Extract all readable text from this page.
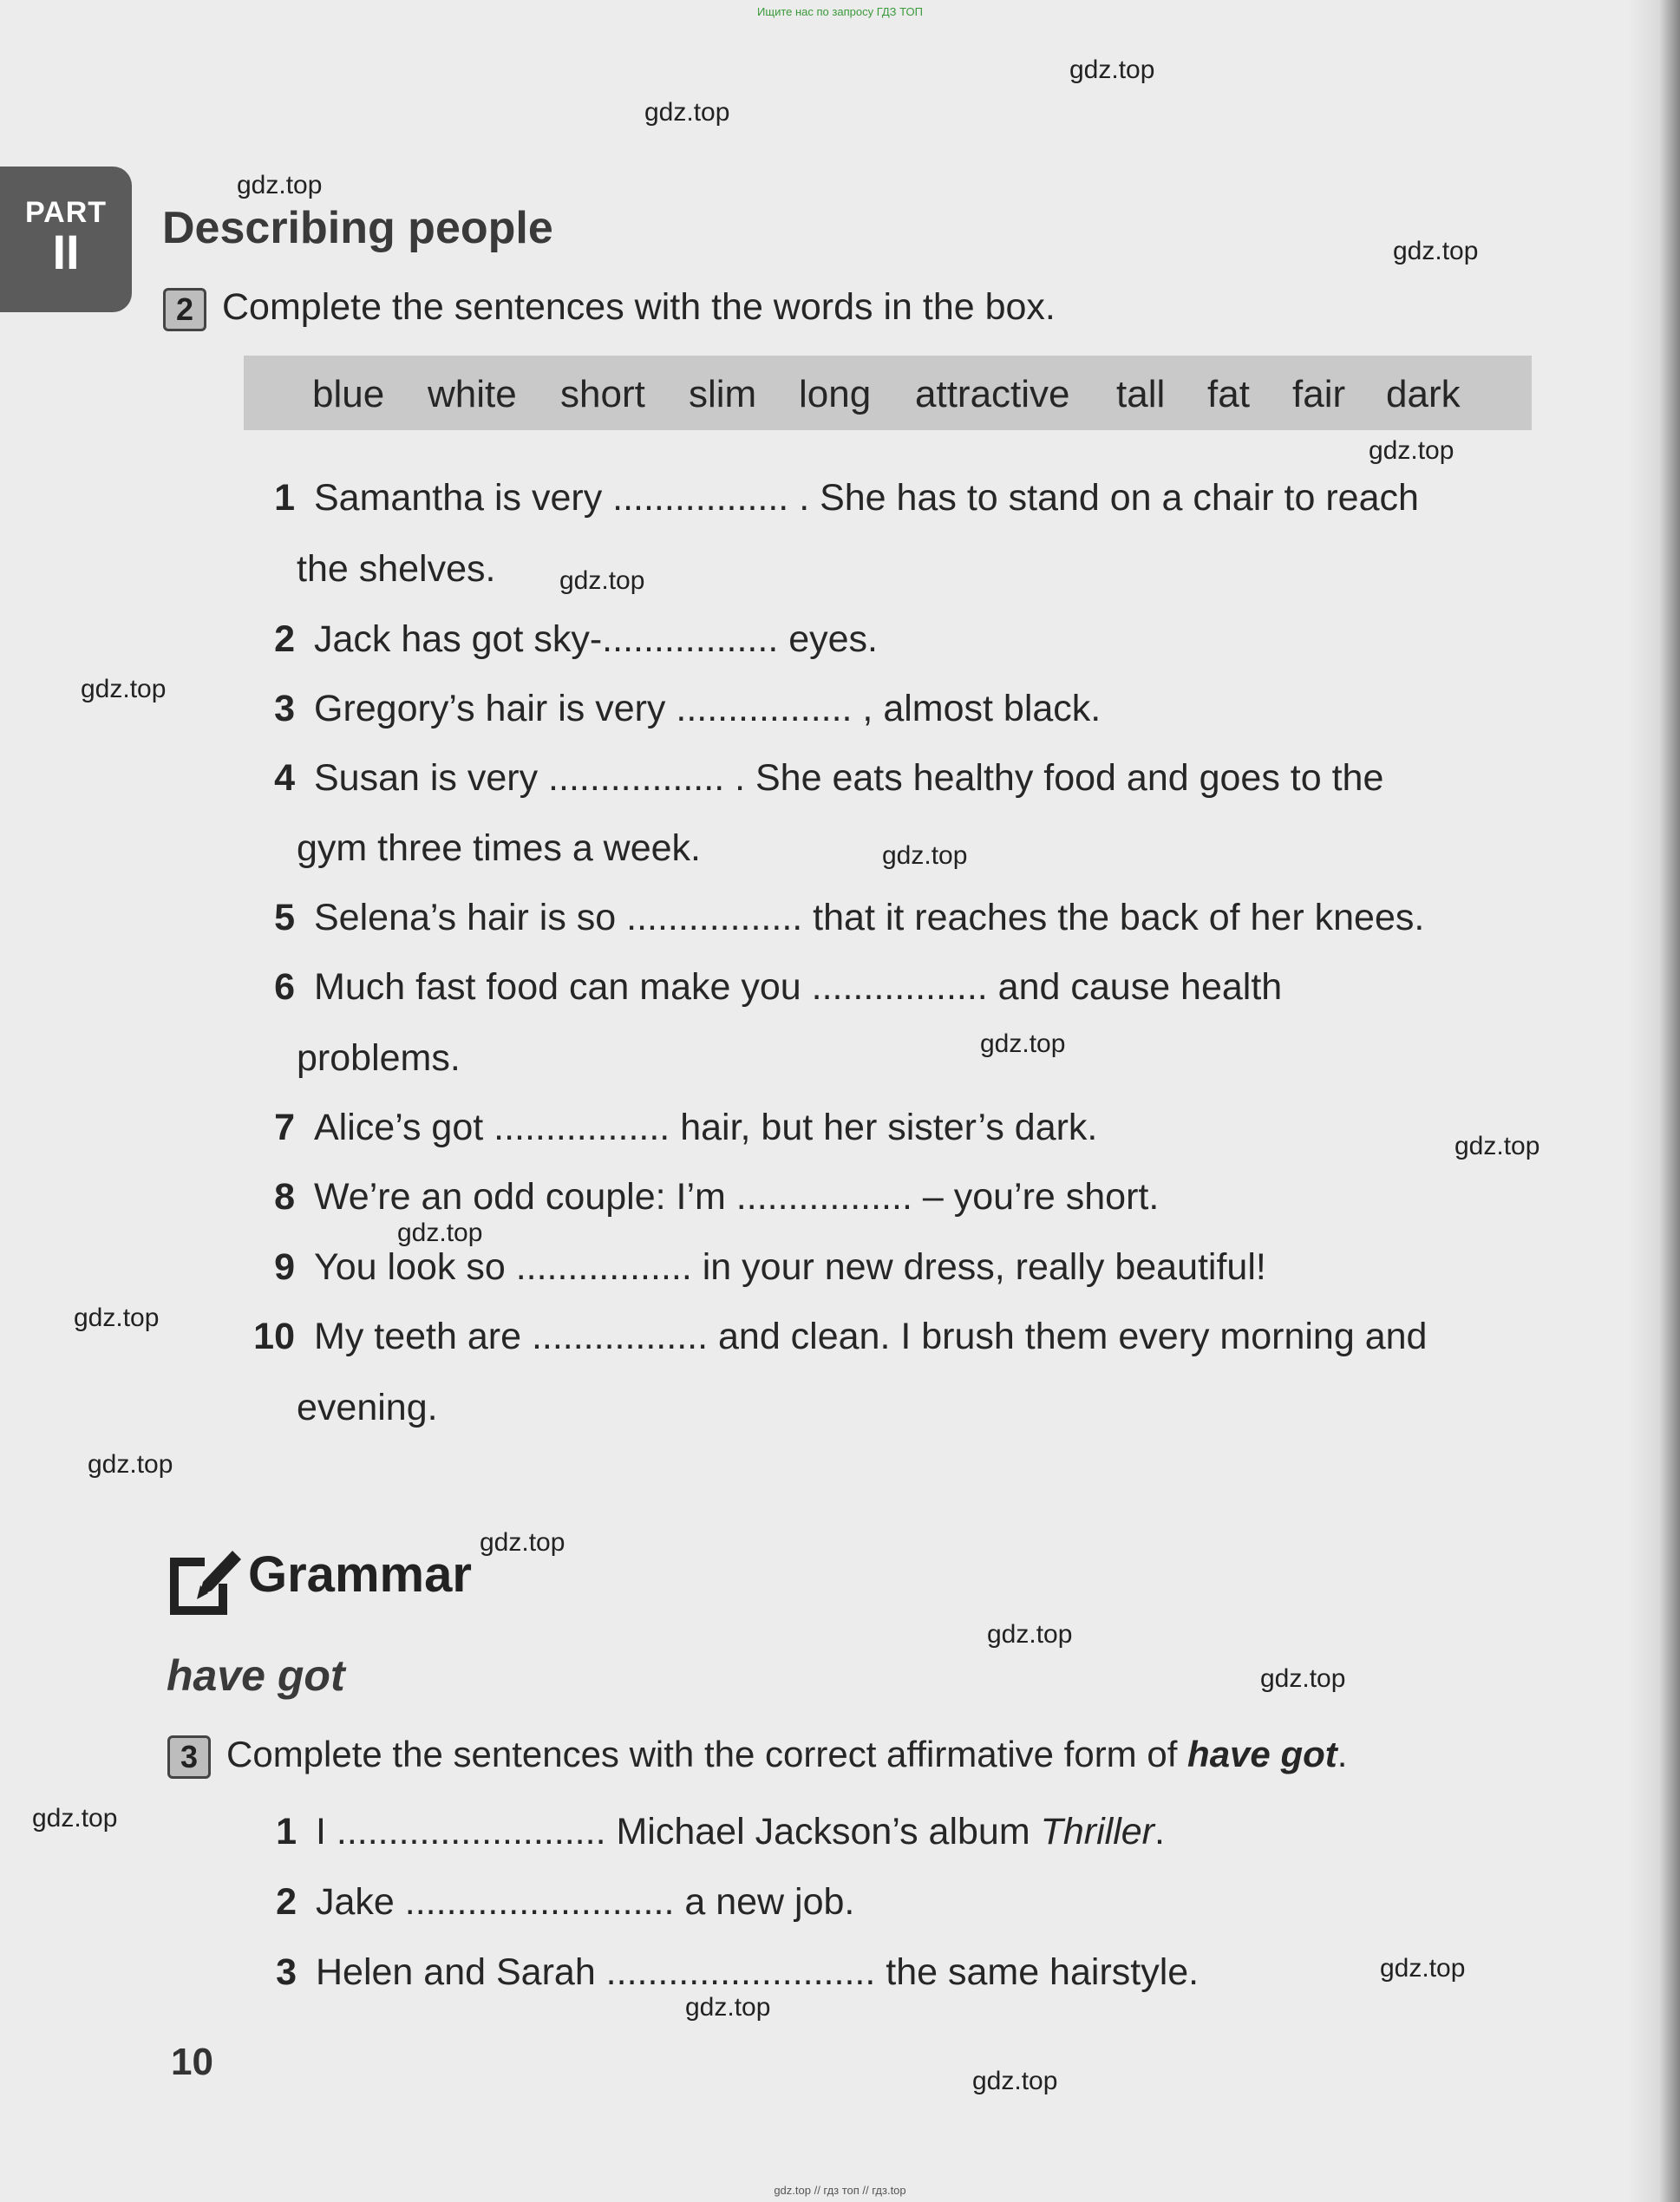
Ищите нас по запросу ГДЗ ТОП
PART
II	Describing people
2 Complete the sentences with the words in the box.
blue white short slim long attractive tall fat fair dark
1 Samantha is very ................. . She has to stand on a chair to reach
the shelves.
2 Jack has got sky-................. eyes.
3 Gregory’s hair is very ................. , almost black.
4 Susan is very ................. . She eats healthy food and goes to the
gym three times a week.
5 Selena’s hair is so ................. that it reaches the back of her knees.
6 Much fast food can make you ................. and cause health
problems.
7 Alice’s got ................. hair, but her sister’s dark.
8 We’re an odd couple: I’m ................. – you’re short.
9 You look so ................. in your new dress, really beautiful!
10 My teeth are ................. and clean. I brush them every morning and
evening.
Grammar
have got
3 Complete the sentences with the correct affirmative form of have got.
1 I .......................... Michael Jackson’s album Thriller.
2 Jake .......................... a new job.
3 Helen and Sarah .......................... the same hairstyle.
10
gdz.top
gdz.top
gdz.top
gdz.top
gdz.top
gdz.top
gdz.top
gdz.top
gdz.top
gdz.top
gdz.top
gdz.top
gdz.top
gdz.top
gdz.top
gdz.top
gdz.top
gdz.top
gdz.top
gdz.top
gdz.top // гдз топ // гдз.top
